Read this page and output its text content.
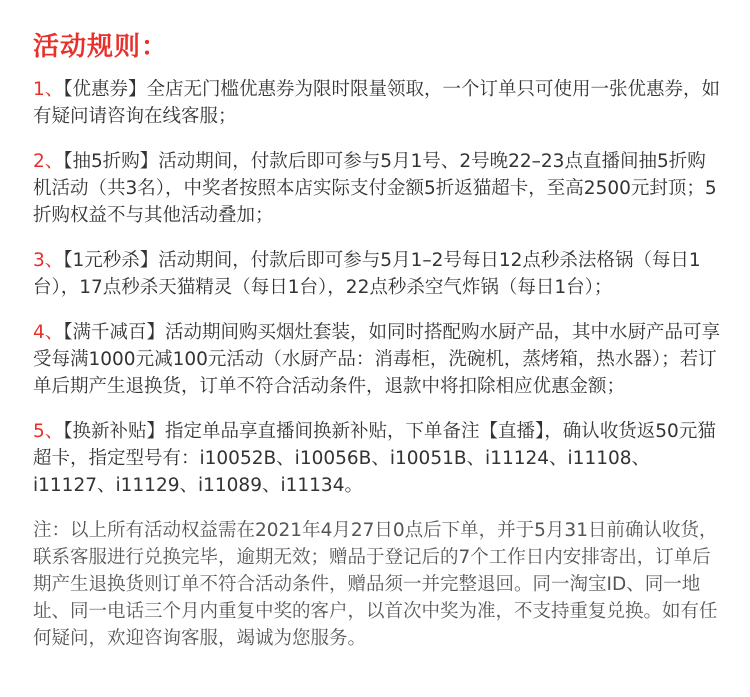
活动规则：

1、【优惠券】全店无门槛优惠券为限时限量领取，一个订单只可使用一张优惠券，如有疑问请咨询在线客服；

2、【抽5折购】活动期间，付款后即可参与5月1号、2号晚22–23点直播间抽5折购机活动（共3名），中奖者按照本店实际支付金额5折返猫超卡，至高2500元封顶；5折购权益不与其他活动叠加；

3、【1元秒杀】活动期间，付款后即可参与5月1–2号每日12点秒杀法格锅（每日1台），17点秒杀天猫精灵（每日1台），22点秒杀空气炸锅（每日1台）；

4、【满千减百】活动期间购买烟灶套装，如同时搭配购水厨产品，其中水厨产品可享受每满1000元减100元活动（水厨产品：消毒柜，洗碗机，蒸烤箱，热水器）；若订单后期产生退换货，订单不符合活动条件，退款中将扣除相应优惠金额；

5、【换新补贴】指定单品享直播间换新补贴，下单备注【直播】，确认收货返50元猫超卡，指定型号有：i10052B、i10056B、i10051B、i11124、i11108、i11127、i11129、i11089、i11134。

注：以上所有活动权益需在2021年4月27日0点后下单，并于5月31日前确认收货，联系客服进行兑换完毕，逾期无效；赠品于登记后的7个工作日内安排寄出，订单后期产生退换货则订单不符合活动条件，赠品须一并完整退回。同一淘宝ID、同一地址、同一电话三个月内重复中奖的客户，以首次中奖为准，不支持重复兑换。如有任何疑问，欢迎咨询客服，竭诚为您服务。
